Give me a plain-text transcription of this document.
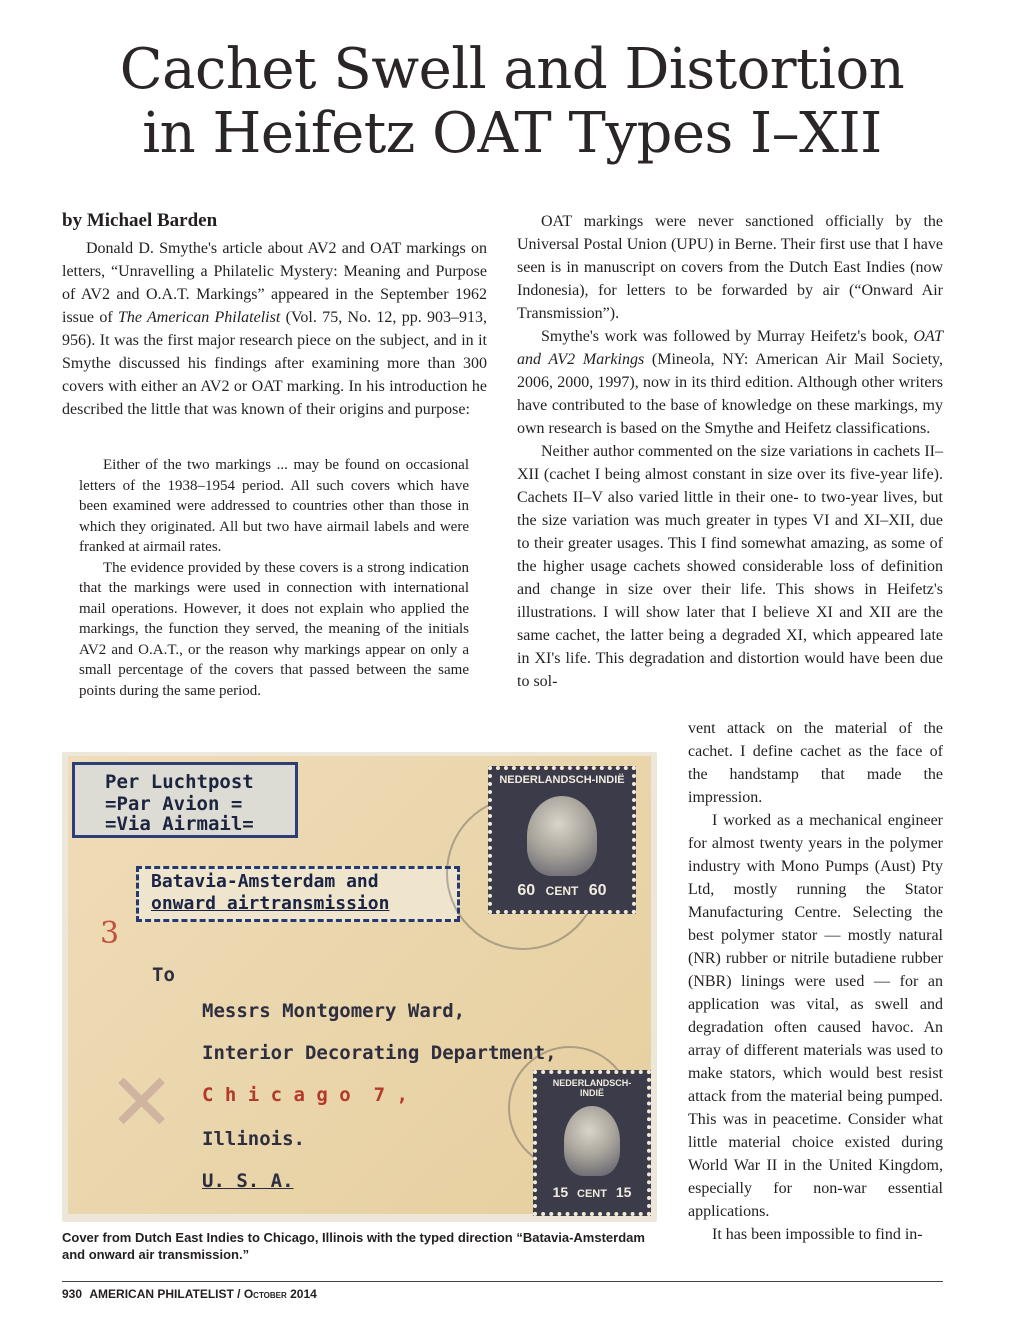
Cachet Swell and Distortion
in Heifetz OAT Types I–XII
by Michael Barden

Donald D. Smythe's article about AV2 and OAT markings on letters, “Unravelling a Philatelic Mystery: Meaning and Purpose of AV2 and O.A.T. Markings” appeared in the September 1962 issue of The American Philatelist (Vol. 75, No. 12, pp. 903–913, 956). It was the first major research piece on the subject, and in it Smythe discussed his findings after examining more than 300 covers with either an AV2 or OAT marking. In his introduction he described the little that was known of their origins and purpose:

Either of the two markings ... may be found on occasional letters of the 1938–1954 period. All such covers which have been examined were addressed to countries other than those in which they originated. All but two have airmail labels and were franked at airmail rates.

The evidence provided by these covers is a strong indication that the markings were used in connection with international mail operations. However, it does not explain who applied the markings, the function they served, the meaning of the initials AV2 and O.A.T., or the reason why markings appear on only a small percentage of the covers that passed between the same points during the same period.

OAT markings were never sanctioned officially by the Universal Postal Union (UPU) in Berne. Their first use that I have seen is in manuscript on covers from the Dutch East Indies (now Indonesia), for letters to be forwarded by air (“Onward Air Transmission”).

Smythe's work was followed by Murray Heifetz's book, OAT and AV2 Markings (Mineola, NY: American Air Mail Society, 2006, 2000, 1997), now in its third edition. Although other writers have contributed to the base of knowledge on these markings, my own research is based on the Smythe and Heifetz classifications.

Neither author commented on the size variations in cachets II–XII (cachet I being almost constant in size over its five-year life). Cachets II–V also varied little in their one- to two-year lives, but the size variation was much greater in types VI and XI–XII, due to their greater usages. This I find somewhat amazing, as some of the higher usage cachets showed considerable loss of definition and change in size over their life. This shows in Heifetz's illustrations. I will show later that I believe XI and XII are the same cachet, the latter being a degraded XI, which appeared late in XI's life. This degradation and distortion would have been due to sol-

vent attack on the material of the cachet. I define cachet as the face of the handstamp that made the impression.

I worked as a mechanical engineer for almost twenty years in the polymer industry with Mono Pumps (Aust) Pty Ltd, mostly running the Stator Manufacturing Centre. Selecting the best polymer stator — mostly natural (NR) rubber or nitrile butadiene rubber (NBR) linings were used — for an application was vital, as swell and degradation often caused havoc. An array of different materials was used to make stators, which would best resist attack from the material being pumped. This was in peacetime. Consider what little material choice existed during World War II in the United Kingdom, especially for non-war essential applications.

It has been impossible to find in-

Per Luchtpost
=Par Avion =
=Via Airmail=
Batavia-Amsterdam and
onward airtransmission
3
✕
To
Messrs Montgomery Ward,
Interior Decorating Department,
C h i c a g o  7 ,
Illinois.
U. S. A.
NEDERLANDSCH-INDIË
60 CENT 60
NEDERLANDSCH-
INDIË
15 CENT 15
Cover from Dutch East Indies to Chicago, Illinois with the typed direction “Batavia-Amsterdam and onward air transmission.”
930 AMERICAN PHILATELIST / October 2014
